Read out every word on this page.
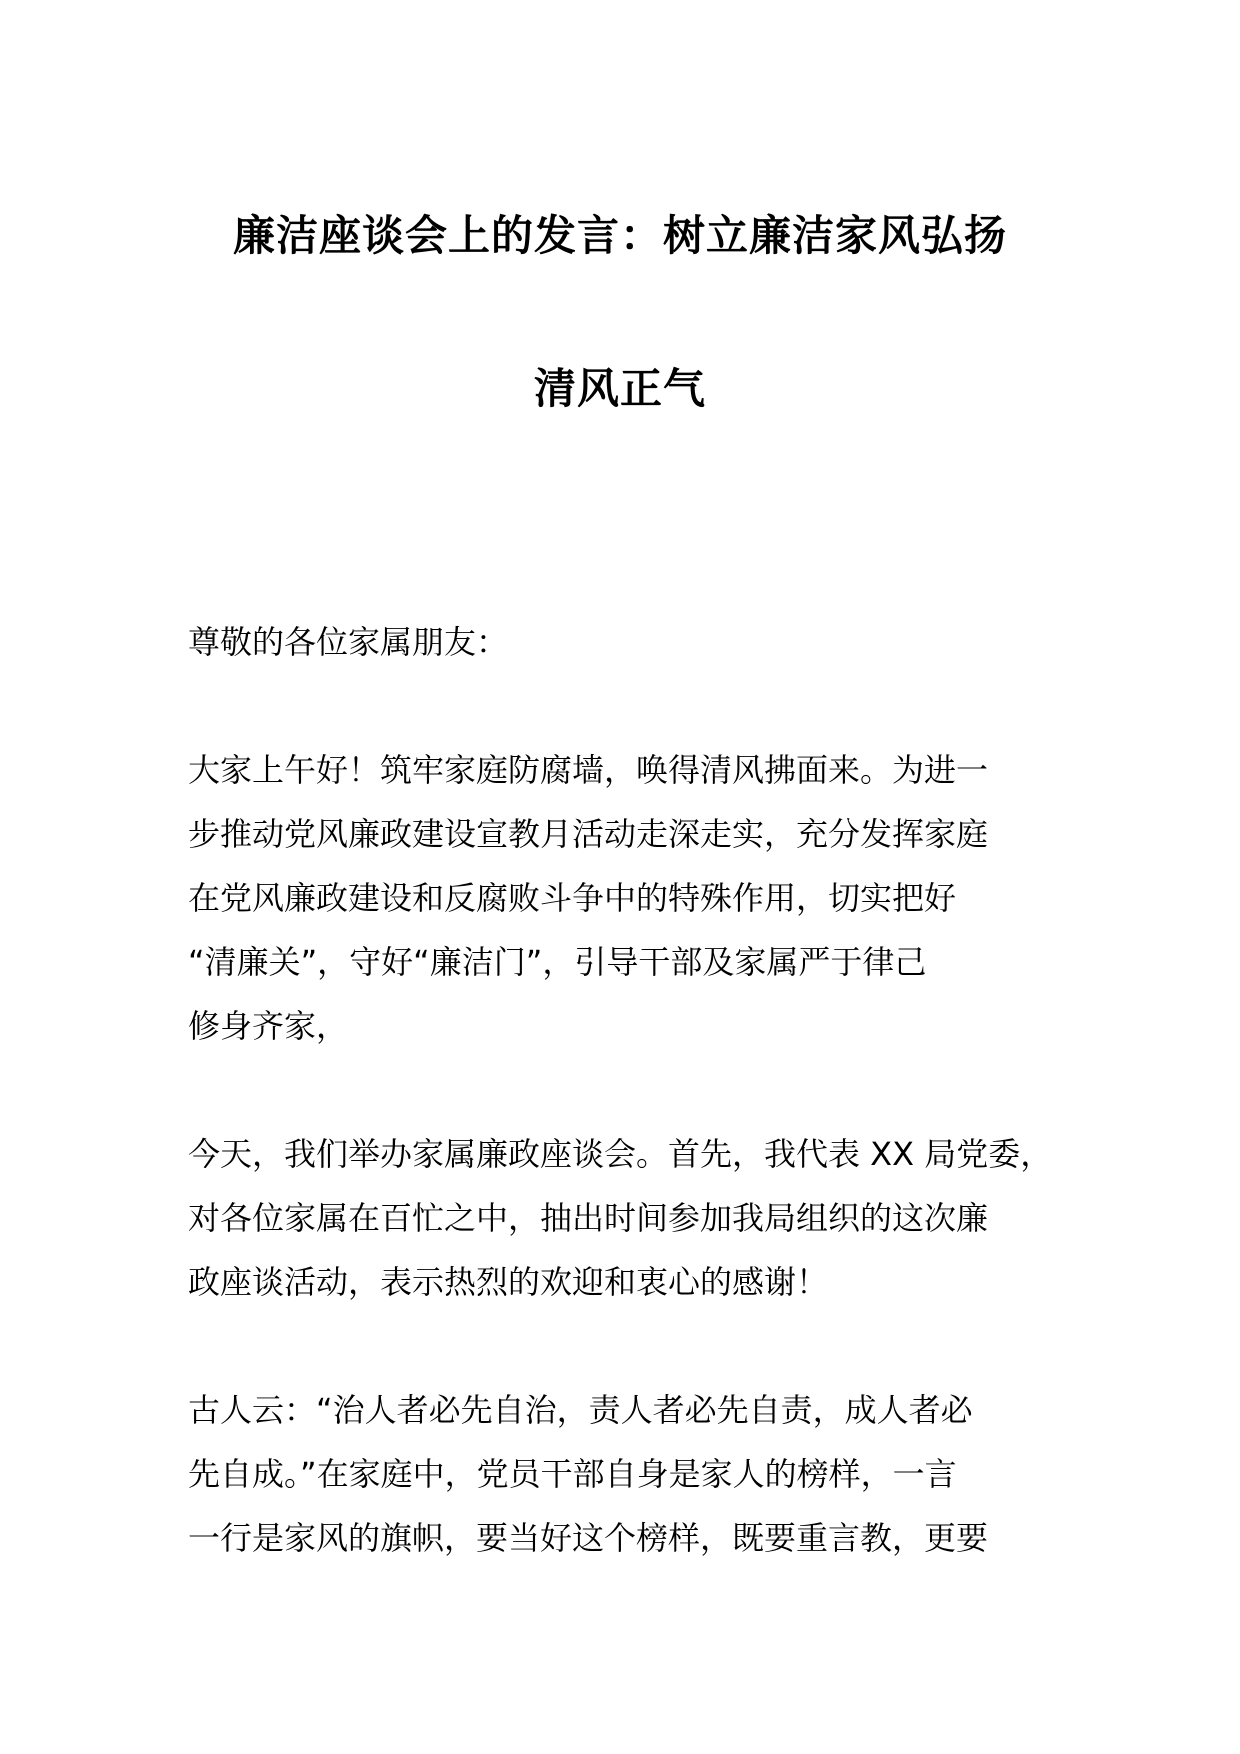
廉洁座谈会上的发言：树立廉洁家风弘扬
清风正气
尊敬的各位家属朋友：
大家上午好！筑牢家庭防腐墙，唤得清风拂面来。为进一
步推动党风廉政建设宣教月活动走深走实，充分发挥家庭
在党风廉政建设和反腐败斗争中的特殊作用，切实把好
“清廉关”，守好“廉洁门”，引导干部及家属严于律己
修身齐家，
今天，我们举办家属廉政座谈会。首先，我代表 XX 局党委，
对各位家属在百忙之中，抽出时间参加我局组织的这次廉
政座谈活动，表示热烈的欢迎和衷心的感谢！
古人云：“治人者必先自治，责人者必先自责，成人者必
先自成。”在家庭中，党员干部自身是家人的榜样，一言
一行是家风的旗帜，要当好这个榜样，既要重言教，更要
